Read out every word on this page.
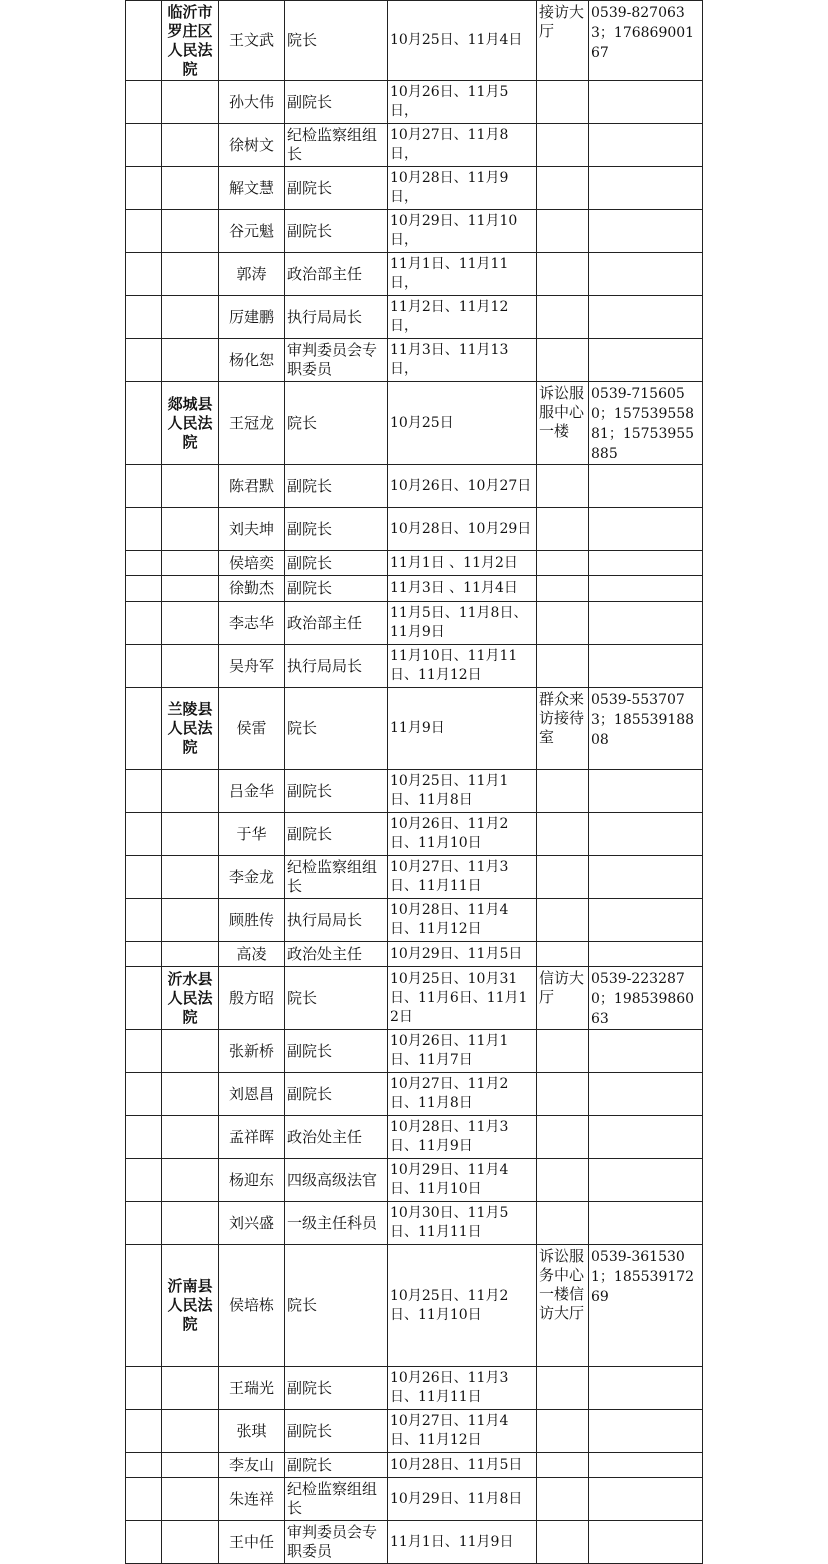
	临沂市罗庄区人民法院	王文武	院长	10月25日、11月4日	接访大厅	0539-8270633；17686900167
		孙大伟	副院长	10月26日、11月5日，		
		徐树文	纪检监察组组长	10月27日、11月8日，		
		解文慧	副院长	10月28日、11月9日，		
		谷元魁	副院长	10月29日、11月10日，		
		郭涛	政治部主任	11月1日、11月11日，		
		厉建鹏	执行局局长	11月2日、11月12日，		
		杨化恕	审判委员会专职委员	11月3日、11月13日，		
	郯城县人民法院	王冠龙	院长	10月25日	诉讼服服中心一楼	0539-7156050；15753955881；15753955885
		陈君默	副院长	10月26日、10月27日		
		刘夫坤	副院长	10月28日、10月29日		
		侯培奕	副院长	11月1日 、11月2日		
		徐勤杰	副院长	11月3日 、11月4日		
		李志华	政治部主任	11月5日、11月8日、11月9日		
		吴舟军	执行局局长	11月10日、11月11日、11月12日		
	兰陵县人民法院	侯雷	院长	11月9日	群众来访接待室	0539-5537073；18553918808
		吕金华	副院长	10月25日、11月1日、11月8日		
		于华	副院长	10月26日、11月2日、11月10日		
		李金龙	纪检监察组组长	10月27日、11月3日、11月11日		
		顾胜传	执行局局长	10月28日、11月4日、11月12日		
		高凌	政治处主任	10月29日、11月5日		
	沂水县人民法院	殷方昭	院长	10月25日、10月31日、11月6日、11月12日	信访大厅	0539-2232870；19853986063
		张新桥	副院长	10月26日、11月1日、11月7日		
		刘恩昌	副院长	10月27日、11月2日、11月8日		
		孟祥晖	政治处主任	10月28日、11月3日、11月9日		
		杨迎东	四级高级法官	10月29日、11月4日、11月10日		
		刘兴盛	一级主任科员	10月30日、11月5日、11月11日		
	沂南县人民法院	侯培栋	院长	10月25日、11月2日、11月10日	诉讼服务中心一楼信访大厅	0539-3615301；18553917269
		王瑞光	副院长	10月26日、11月3日、11月11日		
		张琪	副院长	10月27日、11月4日、11月12日		
		李友山	副院长	10月28日、11月5日		
		朱连祥	纪检监察组组长	10月29日、11月8日		
		王中任	审判委员会专职委员	11月1日、11月9日		
